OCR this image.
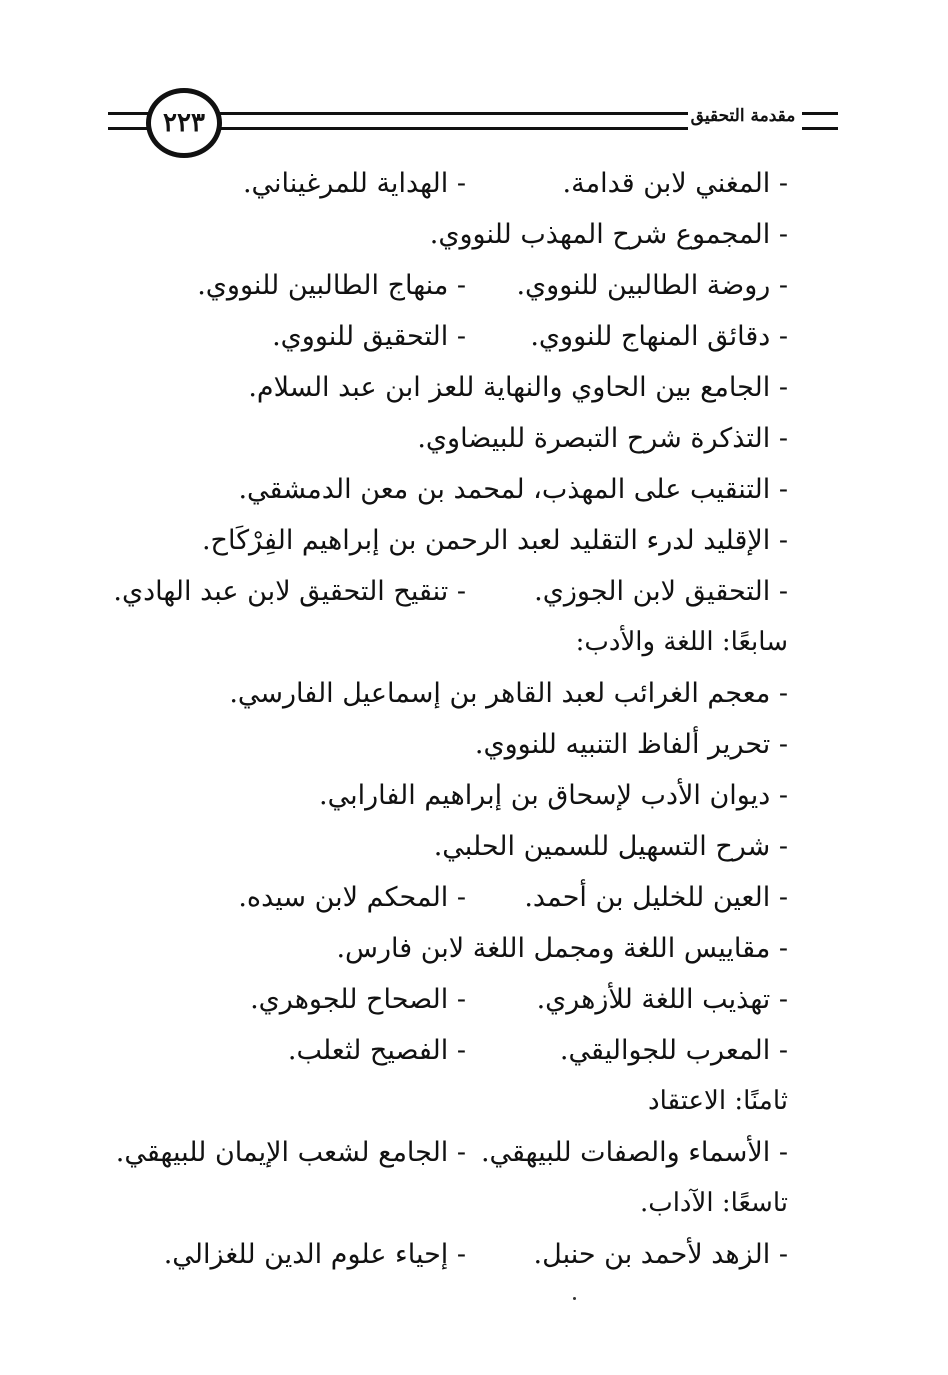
٢٢٣	مقدمة التحقيق
- المغني لابن قدامة.
- الهداية للمرغيناني.
- المجموع شرح المهذب للنووي.
- روضة الطالبين للنووي.
- منهاج الطالبين للنووي.
- دقائق المنهاج للنووي.
- التحقيق للنووي.
- الجامع بين الحاوي والنهاية للعز ابن عبد السلام.
- التذكرة شرح التبصرة للبيضاوي.
- التنقيب على المهذب، لمحمد بن معن الدمشقي.
- الإقليد لدرء التقليد لعبد الرحمن بن إبراهيم الفِرْكَاح.
- التحقيق لابن الجوزي.
- تنقيح التحقيق لابن عبد الهادي.
سابعًا: اللغة والأدب:
- معجم الغرائب لعبد القاهر بن إسماعيل الفارسي.
- تحرير ألفاظ التنبيه للنووي.
- ديوان الأدب لإسحاق بن إبراهيم الفارابي.
- شرح التسهيل للسمين الحلبي.
- العين للخليل بن أحمد.
- المحكم لابن سيده.
- مقاييس اللغة ومجمل اللغة لابن فارس.
- تهذيب اللغة للأزهري.
- الصحاح للجوهري.
- المعرب للجواليقي.
- الفصيح لثعلب.
ثامنًا: الاعتقاد
- الأسماء والصفات للبيهقي.
- الجامع لشعب الإيمان للبيهقي.
تاسعًا: الآداب.
- الزهد لأحمد بن حنبل.
- إحياء علوم الدين للغزالي.
